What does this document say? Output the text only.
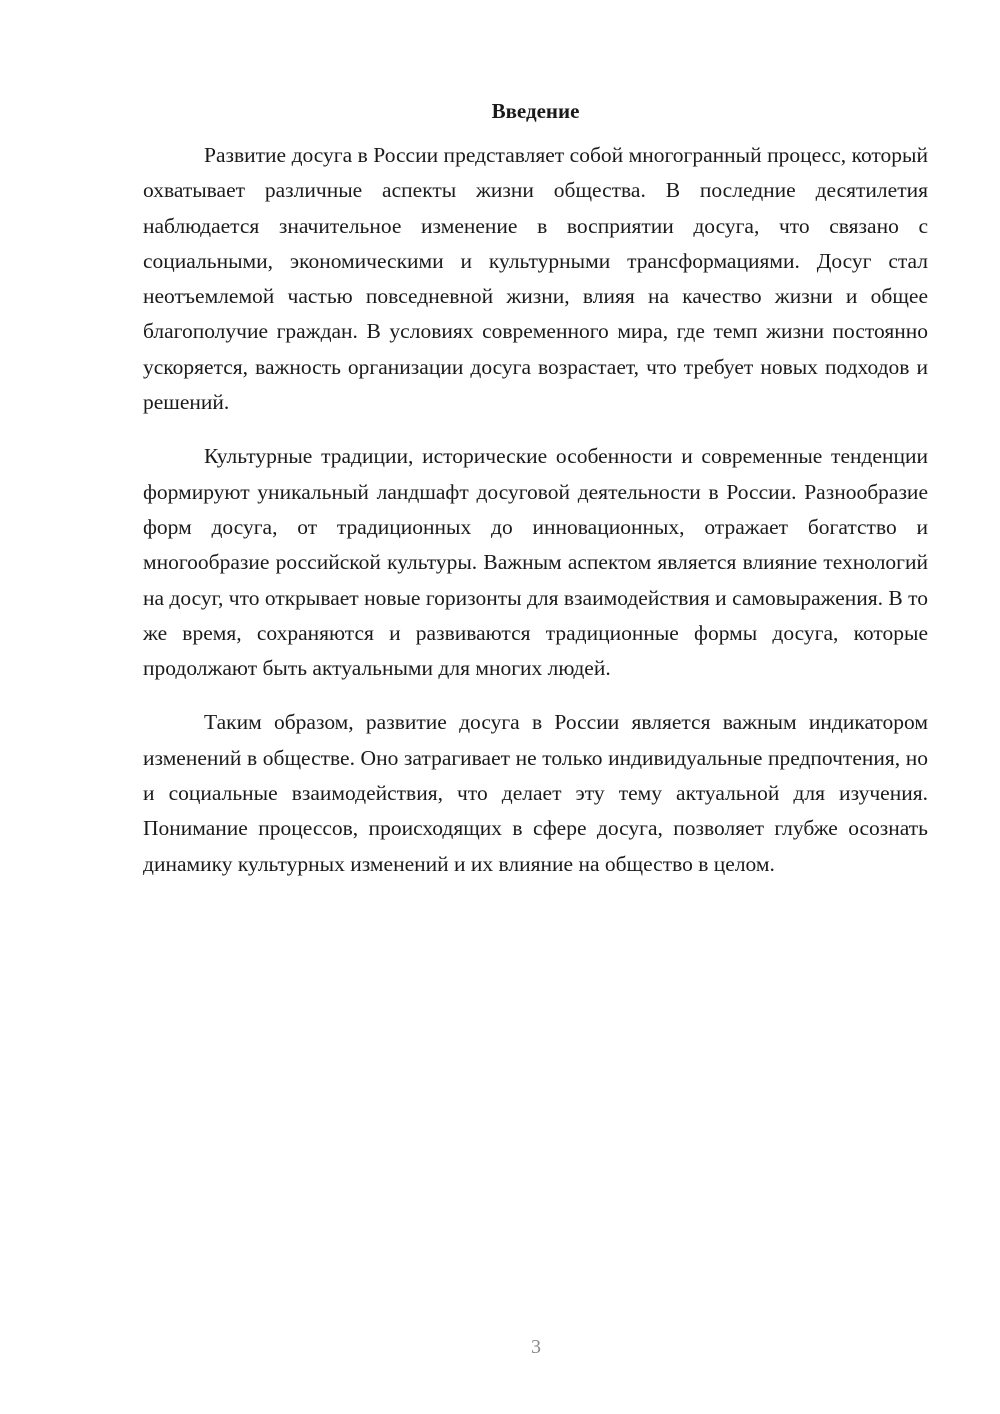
Введение

Развитие досуга в России представляет собой многогранный процесс, который охватывает различные аспекты жизни общества. В последние десятилетия наблюдается значительное изменение в восприятии досуга, что связано с социальными, экономическими и культурными трансформациями. Досуг стал неотъемлемой частью повседневной жизни, влияя на качество жизни и общее благополучие граждан. В условиях современного мира, где темп жизни постоянно ускоряется, важность организации досуга возрастает, что требует новых подходов и решений.

Культурные традиции, исторические особенности и современные тенденции формируют уникальный ландшафт досуговой деятельности в России. Разнообразие форм досуга, от традиционных до инновационных, отражает богатство и многообразие российской культуры. Важным аспектом является влияние технологий на досуг, что открывает новые горизонты для взаимодействия и самовыражения. В то же время, сохраняются и развиваются традиционные формы досуга, которые продолжают быть актуальными для многих людей.

Таким образом, развитие досуга в России является важным индикатором изменений в обществе. Оно затрагивает не только индивидуальные предпочтения, но и социальные взаимодействия, что делает эту тему актуальной для изучения. Понимание процессов, происходящих в сфере досуга, позволяет глубже осознать динамику культурных изменений и их влияние на общество в целом.

3
